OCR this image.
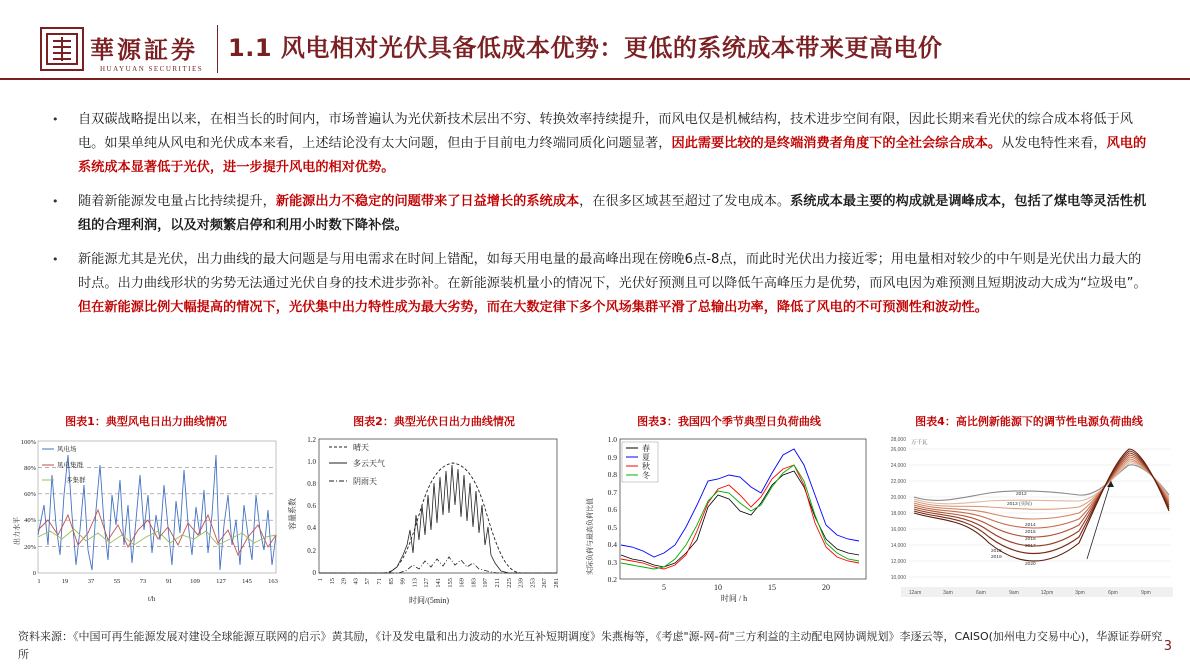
華源証券
HUAYUAN SECURITIES
1.1 风电相对光伏具备低成本优势：更低的系统成本带来更高电价
• 自双碳战略提出以来，在相当长的时间内，市场普遍认为光伏新技术层出不穷、转换效率持续提升，而风电仅是机械结构，技术进步空间有限，因此长期来看光伏的综合成本将低于风电。如果单纯从风电和光伏成本来看，上述结论没有太大问题，但由于目前电力终端同质化问题显著，因此需要比较的是终端消费者角度下的全社会综合成本。从发电特性来看，风电的系统成本显著低于光伏，进一步提升风电的相对优势。
• 随着新能源发电量占比持续提升，新能源出力不稳定的问题带来了日益增长的系统成本，在很多区域甚至超过了发电成本。系统成本最主要的构成就是调峰成本，包括了煤电等灵活性机组的合理利润，以及对频繁启停和利用小时数下降补偿。
• 新能源尤其是光伏，出力曲线的最大问题是与用电需求在时间上错配，如每天用电量的最高峰出现在傍晚6点-8点，而此时光伏出力接近零；用电量相对较少的中午则是光伏出力最大的时点。出力曲线形状的劣势无法通过光伏自身的技术进步弥补。在新能源装机量小的情况下，光伏好预测且可以降低午高峰压力是优势，而风电因为难预测且短期波动大成为“垃圾电”。但在新能源比例大幅提高的情况下，光伏集中出力特性成为最大劣势，而在大数定律下多个风场集群平滑了总输出功率，降低了风电的不可预测性和波动性。
图表1：典型风电日出力曲线情况
出力水平
t/h
0
20%
40%
60%
80%
100%
1	19	37	55	73	91	109	127	145	163
风电场
风电集群
多集群
图表2：典型光伏日出力曲线情况
容量系数
时间/(5min)
0
0.2
0.4
0.6
0.8
1.0
1.2
1 15 29 43 57 71 85 99 113 127 141 155 169 183 197 211 225 239 253 267 281
晴天
多云天气
阴雨天
图表3：我国四个季节典型日负荷曲线
实际负荷与最高负荷比值
时间 / h
0.2
0.3
0.4
0.5
0.6
0.7
0.8
0.9
1.0
5	10	15	20
春
夏
秋
冬
图表4：高比例新能源下的调节性电源负荷曲线
万千瓦
10,000
12,000
14,000
16,000
18,000
20,000
22,000
24,000
26,000
28,000
12am	3am	6am	9am	12pm	3pm	6pm	9pm
2012
2013 (实际)
2014
2015
2016
2017
2018
2019
2020
资料来源：《中国可再生能源发展对建设全球能源互联网的启示》黄其励，《计及发电量和出力波动的水光互补短期调度》朱燕梅等，《考虑"源-网-荷"三方利益的主动配电网协调规划》李逐云等，CAISO(加州电力交易中心)，华源证券研究所
3
